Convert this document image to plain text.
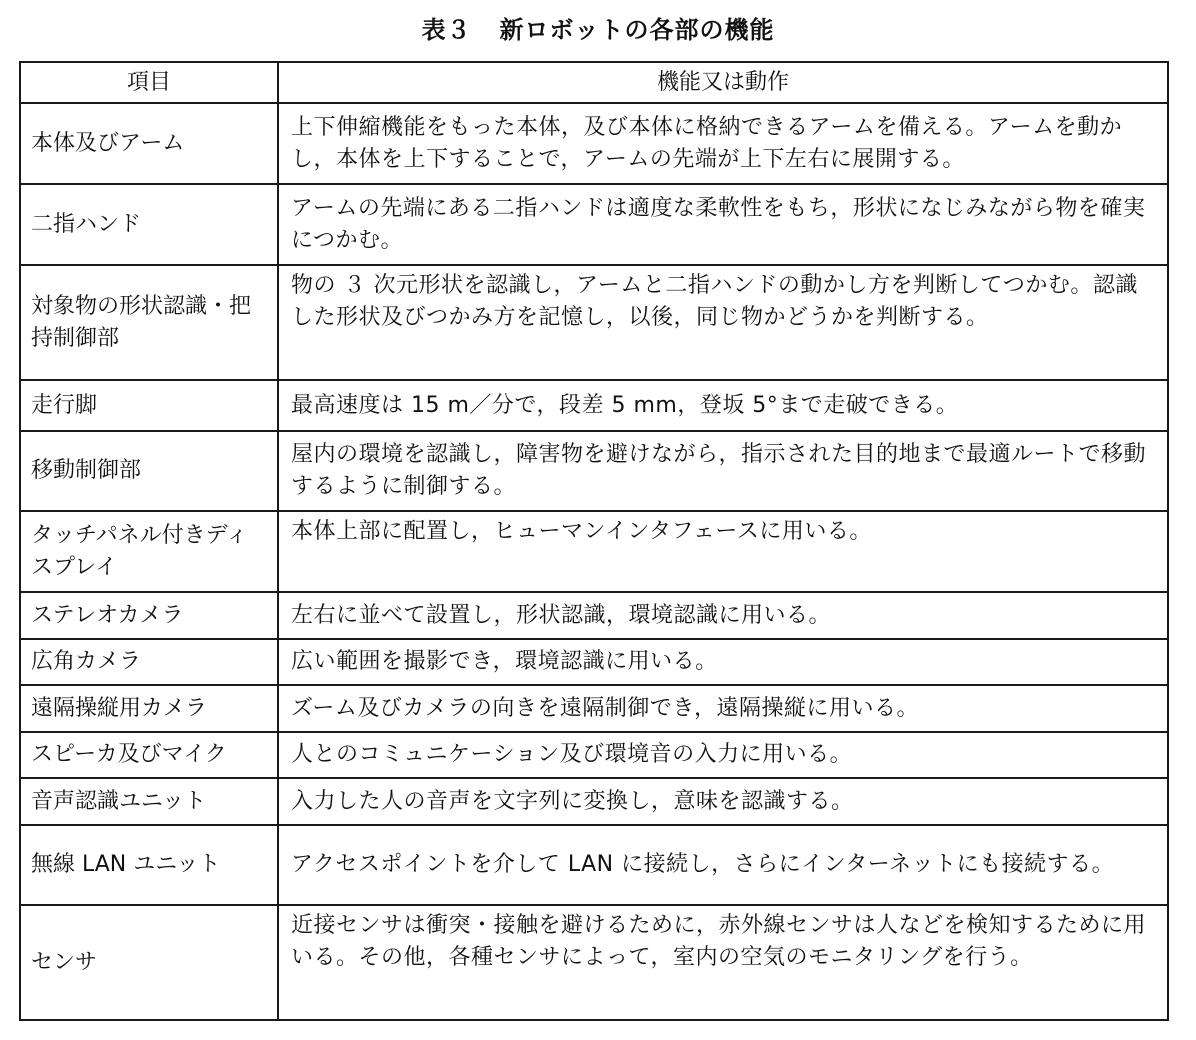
表３ 新ロボットの各部の機能
項目	機能又は動作
本体及びアーム	上下伸縮機能をもった本体，及び本体に格納できるアームを備える。アームを動かし，本体を上下することで，アームの先端が上下左右に展開する。
二指ハンド	アームの先端にある二指ハンドは適度な柔軟性をもち，形状になじみながら物を確実につかむ。
対象物の形状認識・把持制御部	物の ３ 次元形状を認識し，アームと二指ハンドの動かし方を判断してつかむ。認識した形状及びつかみ方を記憶し，以後，同じ物かどうかを判断する。
走行脚	最高速度は 15 m／分で，段差 5 mm，登坂 5°まで走破できる。
移動制御部	屋内の環境を認識し，障害物を避けながら，指示された目的地まで最適ルートで移動するように制御する。
タッチパネル付きディスプレイ	本体上部に配置し，ヒューマンインタフェースに用いる。
ステレオカメラ	左右に並べて設置し，形状認識，環境認識に用いる。
広角カメラ	広い範囲を撮影でき，環境認識に用いる。
遠隔操縦用カメラ	ズーム及びカメラの向きを遠隔制御でき，遠隔操縦に用いる。
スピーカ及びマイク	人とのコミュニケーション及び環境音の入力に用いる。
音声認識ユニット	入力した人の音声を文字列に変換し，意味を認識する。
無線 LAN ユニット	アクセスポイントを介して LAN に接続し，さらにインターネットにも接続する。
センサ	近接センサは衝突・接触を避けるために，赤外線センサは人などを検知するために用いる。その他，各種センサによって，室内の空気のモニタリングを行う。
